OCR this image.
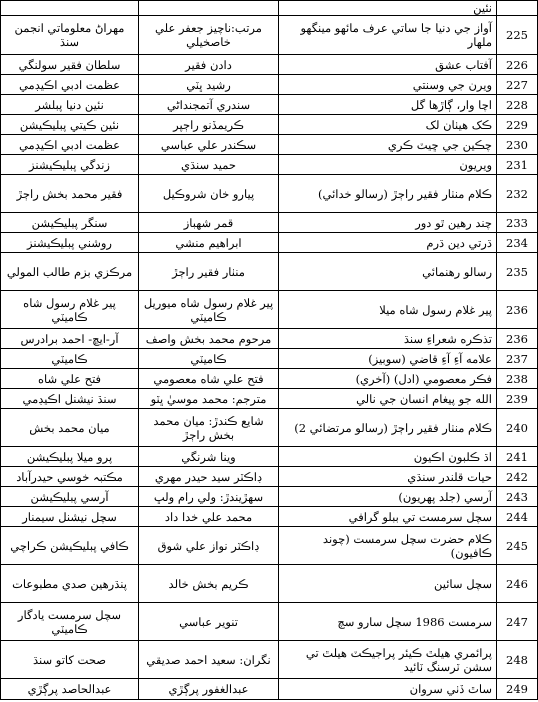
		نئين	
مهراڻ معلوماتي انجمن سنڌ	مرتب:ناچيز جعفر علي خاصخيلي	آواز جي دنيا جا ساتي عرف مائهو مينگهو ملهار	225
سلطان فقير سولنگي	دادن فقير	آفتاب عشق	226
عظمت ادبي اڪيڊمي	رشيد ڀٽي	ويرن جي وسنتي	227
نئين دنيا پبلشر	سندري آتمجنداڻي	اچا وار، ڳاڙها گل	228
نئين ڪيتي پبليڪيشن	ڪريمڏنو راڄپر	ڪک هيٺان لک	229
عظمت ادبي اڪيڊمي	سڪندر علي عباسي	چڪين جي ڇيٽ ڪري	230
زندگي پبليڪيشنز	حميد سنڌي	ويريون	231
فقير محمد بخش راڄڙ	پيارو خان شروڪيل	ڪلام منٺار فقير راڄڙ (رسالو خدائي)	232
سنگر پبليڪيشن	قمر شهباز	چند رهين ٿو دور	233
روشني پبليڪيشنز	ابراهيم منشي	ڌرتي دين ڌرم	234
مرڪزي بزم طالب المولي	منٺار فقير راڄڙ	رسالو رهنمائي	235
پير غلام رسول شاه ڪاميٽي	پير غلام رسول شاه ميوريل ڪاميٽي	پير غلام رسول شاه ميلا	236
آر-ايڇ- احمد برادرس	مرحوم محمد بخش واصف	تذڪره شعراءِ سنڌ	236
ڪاميٽي	ڪاميٽي	علامه آءِ آءِ قاضي (سوبيز)	237
فتح علي شاه	فتح علي شاه معصومي	فڪر معصومي (ادل) (آخري)	238
سنڌ نيشنل اڪيڊمي	مترجم: محمد موسيٰ ڀٽو	الله جو پيغام انسان جي نالي	239
ميان محمد بخش	شايع ڪندڙ: ميان محمد بخش راڄڙ	ڪلام منٺار فقير راڄڙ (رسالو مرتضائي 2)	240
پرو ميلا پبليڪيشن	وينا شرنگي	اڌ ڪلبون اڪيون	241
مڪتبہ خوسي حيدرآباد	ڊاڪٽر سيد حيدر مهري	حيات قلندر سنڌي	242
آرسي پبليڪيشن	سهڙيندڙ: ولي رام ولڀ	آرسي (جلد پهريون)	243
سچل نيشنل سيمنار	محمد علي خدا داد	سچل سرمست تي ببلو گرافي	244
ڪافي پبليڪيشن ڪراچي	ڊاڪٽر نواز علي شوق	ڪلام حضرت سچل سرمست (چوند ڪافيون)	245
پنڌرهين صدي مطبوعات	ڪريم بخش خالد	سچل سائين	246
سچل سرمست يادگار ڪاميٽي	تنوير عباسي	سرمست 1986 سچل سارو سچ	247
صحت کاتو سنڌ	نگران: سعيد احمد صديقي	پرائمري هيلٿ ڪيئر پراجيڪٽ هيلٿ تي سشن ٽرسنگ ٽائيد	248
عبدالحاصد پرڳڙي	عبدالغفور پرڳڙي	ساٿ ڏٺي سروان	249
